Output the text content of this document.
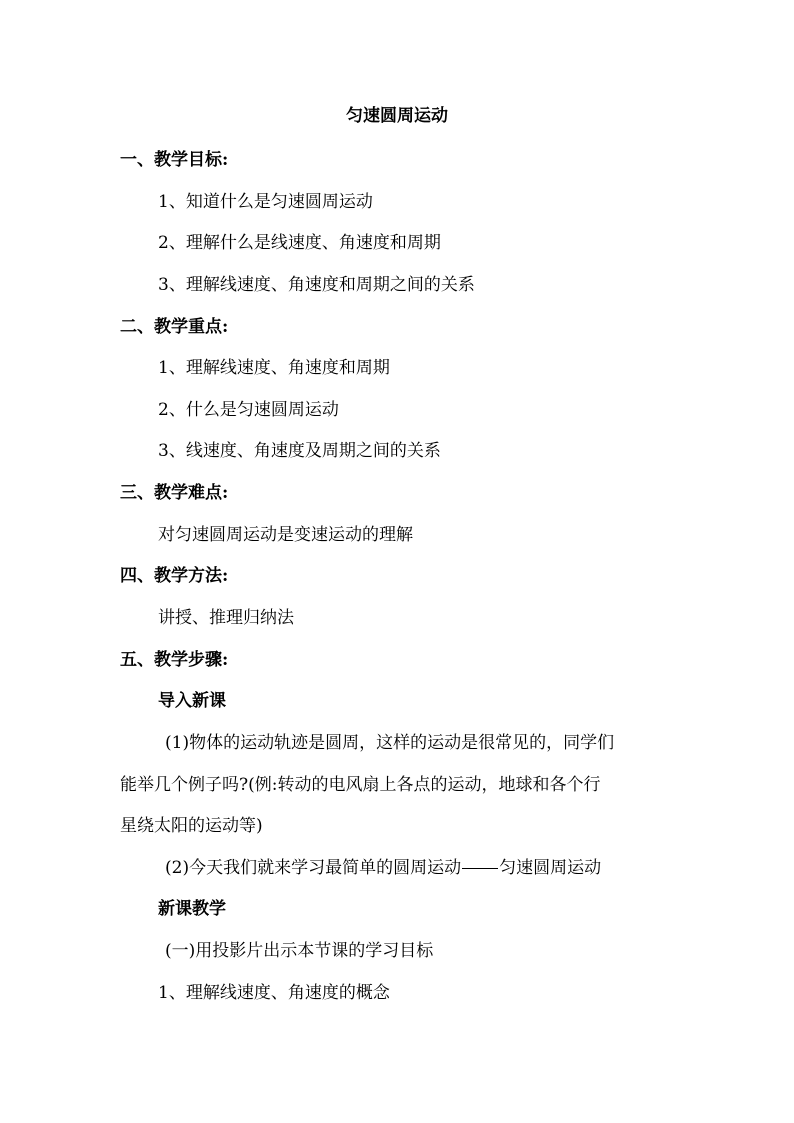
匀速圆周运动
一、教学目标:
1、知道什么是匀速圆周运动
2、理解什么是线速度、角速度和周期
3、理解线速度、角速度和周期之间的关系
二、教学重点:
1、理解线速度、角速度和周期
2、什么是匀速圆周运动
3、线速度、角速度及周期之间的关系
三、教学难点:
对匀速圆周运动是变速运动的理解
四、教学方法:
讲授、推理归纳法
五、教学步骤:
导入新课
(1)物体的运动轨迹是圆周，这样的运动是很常见的，同学们
能举几个例子吗?(例:转动的电风扇上各点的运动，地球和各个行
星绕太阳的运动等)
(2)今天我们就来学习最简单的圆周运动 匀速圆周运动
新课教学
(一)用投影片出示本节课的学习目标
1、理解线速度、角速度的概念
